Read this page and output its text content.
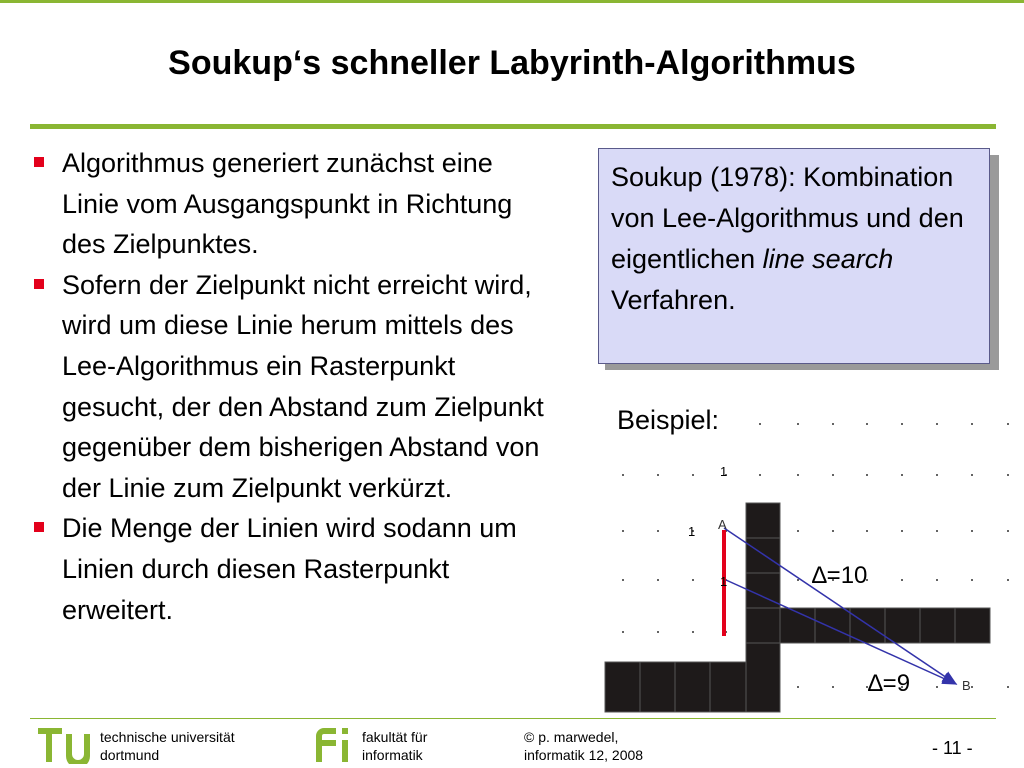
Soukup‘s schneller Labyrinth-Algorithmus
Algorithmus generiert zunächst eine Linie vom Ausgangspunkt in Richtung des Zielpunktes.
Sofern der Zielpunkt nicht erreicht wird, wird um diese Linie herum mittels des Lee-Algorithmus ein Rasterpunkt gesucht, der den Abstand zum Zielpunkt gegenüber dem bisherigen Abstand von der Linie zum Zielpunkt verkürzt.
Die Menge der Linien wird sodann um Linien durch diesen Rasterpunkt erweitert.
Soukup (1978): Kombination von Lee-Algorithmus und den eigentlichen line search Verfahren.
1
1 A
1	∆=10
∆=9	B
Beispiel:
technische universität
dortmund
fakultät für
informatik
© p. marwedel,
informatik 12, 2008	- 11 -
